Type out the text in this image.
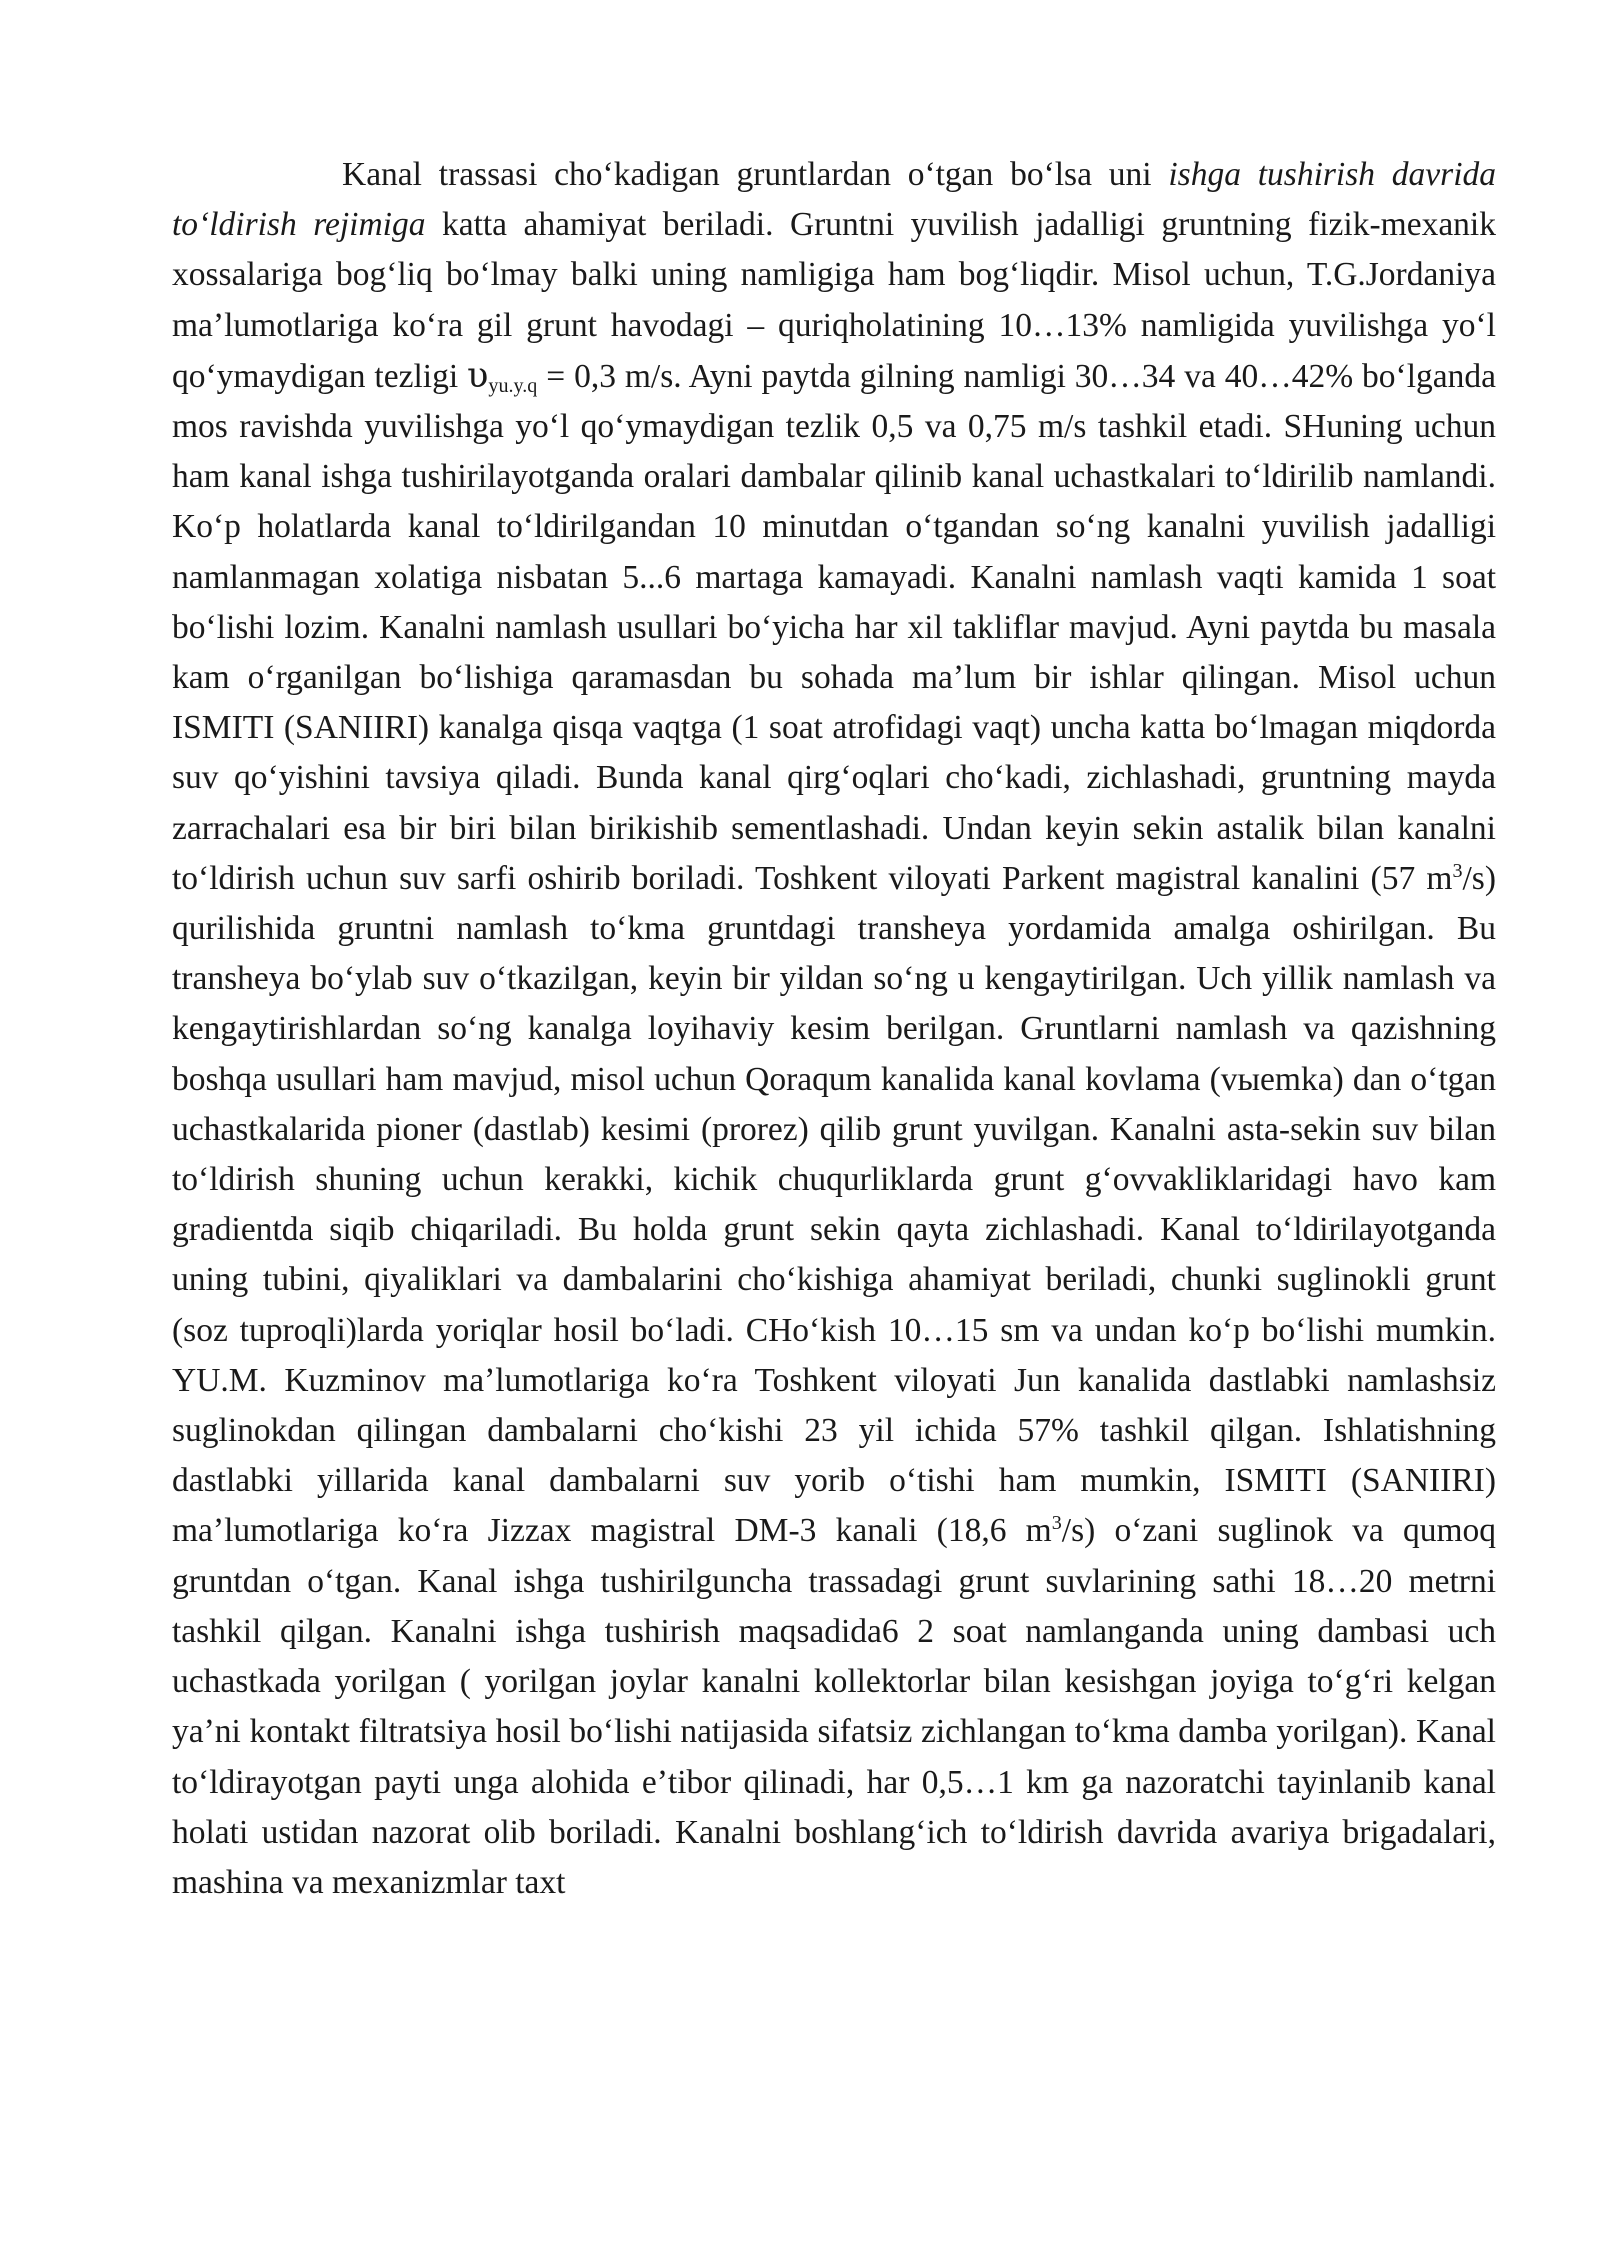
Kanal trassasi choʻkadigan gruntlardan oʻtgan boʻlsa uni ishga tushirish davrida toʻldirish rejimiga katta ahamiyat beriladi. Gruntni yuvilish jadalligi gruntning fizik-mexanik xossalariga bogʻliq boʻlmay balki uning namligiga ham bogʻliqdir. Misol uchun, T.G.Jordaniya maʼlumotlariga koʻra gil grunt havodagi – quriqholatining 10…13% namligida yuvilishga yoʻl qoʻymaydigan tezligi $\upsilon_{yu.y.q} = 0,3$ m/s. Ayni paytda gilning namligi 30…34 va 40…42% boʻlganda mos ravishda yuvilishga yoʻl qoʻymaydigan tezlik 0,5 va 0,75 m/s tashkil etadi. SHuning uchun ham kanal ishga tushirilayotganda oralari dambalar qilinib kanal uchastkalari toʻldirilib namlandi. Koʻp holatlarda kanal toʻldirilgandan 10 minutdan oʻtgandan soʻng kanalni yuvilish jadalligi namlanmagan xolatiga nisbatan 5...6 martaga kamayadi. Kanalni namlash vaqti kamida 1 soat boʻlishi lozim. Kanalni namlash usullari boʻyicha har xil takliflar mavjud. Ayni paytda bu masala kam oʻrganilgan boʻlishiga qaramasdan bu sohada maʼlum bir ishlar qilingan. Misol uchun ISMITI (SANIIRI) kanalga qisqa vaqtga (1 soat atrofidagi vaqt) uncha katta boʻlmagan miqdorda suv qoʻyishini tavsiya qiladi. Bunda kanal qirgʻoqlari choʻkadi, zichlashadi, gruntning mayda zarrachalari esa bir biri bilan birikishib sementlashadi. Undan keyin sekin astalik bilan kanalni toʻldirish uchun suv sarfi oshirib boriladi. Toshkent viloyati Parkent magistral kanalini (57 $m^3/s$) qurilishida gruntni namlash toʻkma gruntdagi transheya yordamida amalga oshirilgan. Bu transheya boʻylab suv oʻtkazilgan, keyin bir yildan soʻng u kengaytirilgan. Uch yillik namlash va kengaytirishlardan soʻng kanalga loyihaviy kesim berilgan. Gruntlarni namlash va qazishning boshqa usullari ham mavjud, misol uchun Qoraqum kanalida kanal kovlama (vыemka) dan oʻtgan uchastkalarida pioner (dastlab) kesimi (prorez) qilib grunt yuvilgan. Kanalni asta-sekin suv bilan toʻldirish shuning uchun kerakki, kichik chuqurliklarda grunt gʻovvakliklaridagi havo kam gradientda siqib chiqariladi. Bu holda grunt sekin qayta zichlashadi. Kanal toʻldirilayotganda uning tubini, qiyaliklari va dambalarini choʻkishiga ahamiyat beriladi, chunki suglinokli grunt (soz tuproqli)larda yoriqlar hosil boʻladi. CHoʻkish 10…15 sm va undan koʻp boʻlishi mumkin. YU.M. Kuzminov maʼlumotlariga koʻra Toshkent viloyati Jun kanalida dastlabki namlashsiz suglinokdan qilingan dambalarni choʻkishi 23 yil ichida 57% tashkil qilgan. Ishlatishning dastlabki yillarida kanal dambalarni suv yorib oʻtishi ham mumkin, ISMITI (SANIIRI) maʼlumotlariga koʻra Jizzax magistral DM-3 kanali (18,6 $m^3/s$) oʻzani suglinok va qumoq gruntdan oʻtgan. Kanal ishga tushirilguncha trassadagi grunt suvlarining sathi 18…20 metrni tashkil qilgan. Kanalni ishga tushirish maqsadida6 2 soat namlanganda uning dambasi uch uchastkada yorilgan ( yorilgan joylar kanalni kollektorlar bilan kesishgan joyiga toʻgʻri kelgan yaʼni kontakt filtratsiya hosil boʻlishi natijasida sifatsiz zichlangan toʻkma damba yorilgan). Kanal toʻldirayotgan payti unga alohida eʼtibor qilinadi, har 0,5…1 km ga nazoratchi tayinlanib kanal holati ustidan nazorat olib boriladi. Kanalni boshlangʻich toʻldirish davrida avariya brigadalari, mashina va mexanizmlar taxt
